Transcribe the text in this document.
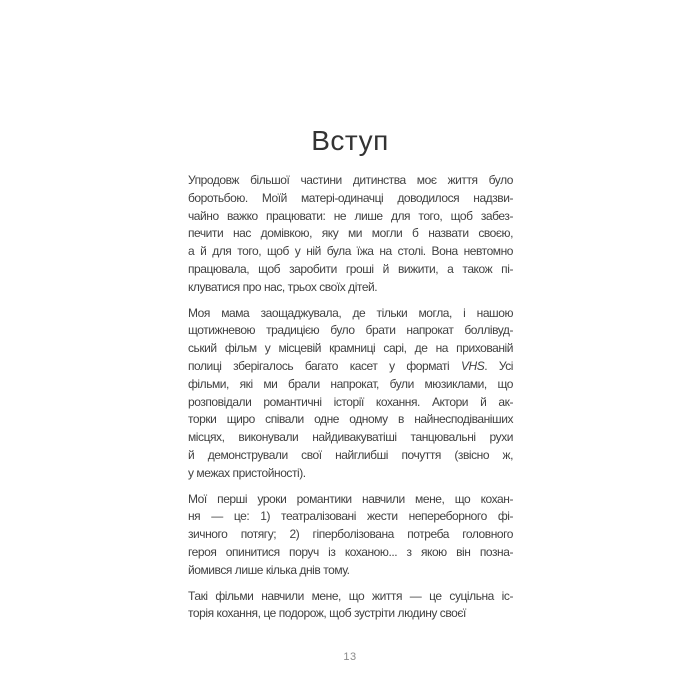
Вступ
Упродовж більшої частини дитинства моє життя було
боротьбою. Моїй матері-одиначці доводилося надзви-
чайно важко працювати: не лише для того, щоб забез-
печити нас домівкою, яку ми могли б назвати своєю,
а й для того, щоб у ній була їжа на столі. Вона невтомно
працювала, щоб заробити гроші й вижити, а також пі-
клуватися про нас, трьох своїх дітей.
Моя мама заощаджувала, де тільки могла, і нашою
щотижневою традицією було брати напрокат боллівуд-
ський фільм у місцевій крамниці сарі, де на прихованій
полиці зберігалось багато касет у форматі VHS. Усі
фільми, які ми брали напрокат, були мюзиклами, що
розповідали романтичні історії кохання. Актори й ак-
торки щиро співали одне одному в найнесподіваніших
місцях, виконували найдивакуватіші танцювальні рухи
й демонстрували свої найглибші почуття (звісно ж,
у межах пристойності).
Мої перші уроки романтики навчили мене, що кохан-
ня — це: 1) театралізовані жести непереборного фі-
зичного потягу; 2) гіперболізована потреба головного
героя опинитися поруч із коханою... з якою він позна-
йомився лише кілька днів тому.
Такі фільми навчили мене, що життя — це суцільна іс-
торія кохання, це подорож, щоб зустріти людину своєї
13
